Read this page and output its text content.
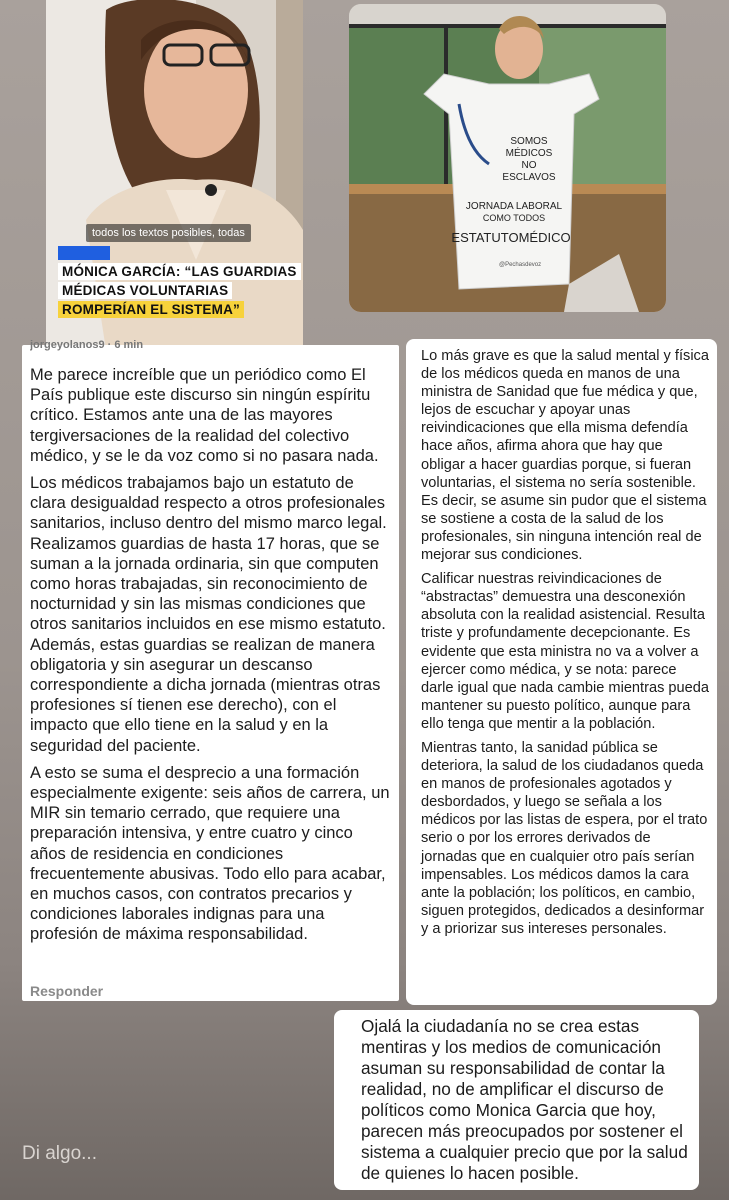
todos los textos posibles, todas
MÓNICA GARCÍA: “LAS GUARDIAS
MÉDICAS VOLUNTARIAS
ROMPERÍAN EL SISTEMA”
SOMOS
MÉDICOS
NO
ESCLAVOS
JORNADA LABORAL
COMO TODOS
ESTATUTOMÉDICO
@Pechasdevoz
jorgeyolanos9 · 6 min

Me parece increíble que un periódico como El País publique este discurso sin ningún espíritu crítico. Estamos ante una de las mayores tergiversaciones de la realidad del colectivo médico, y se le da voz como si no pasara nada.

Los médicos trabajamos bajo un estatuto de clara desigualdad respecto a otros profesionales sanitarios, incluso dentro del mismo marco legal. Realizamos guardias de hasta 17 horas, que se suman a la jornada ordinaria, sin que computen como horas trabajadas, sin reconocimiento de nocturnidad y sin las mismas condiciones que otros sanitarios incluidos en ese mismo estatuto. Además, estas guardias se realizan de manera obligatoria y sin asegurar un descanso correspondiente a dicha jornada (mientras otras profesiones sí tienen ese derecho), con el impacto que ello tiene en la salud y en la seguridad del paciente.

A esto se suma el desprecio a una formación especialmente exigente: seis años de carrera, un MIR sin temario cerrado, que requiere una preparación intensiva, y entre cuatro y cinco años de residencia en condiciones frecuentemente abusivas. Todo ello para acabar, en muchos casos, con contratos precarios y condiciones laborales indignas para una profesión de máxima responsabilidad.

Responder

Lo más grave es que la salud mental y física de los médicos queda en manos de una ministra de Sanidad que fue médica y que, lejos de escuchar y apoyar unas reivindicaciones que ella misma defendía hace años, afirma ahora que hay que obligar a hacer guardias porque, si fueran voluntarias, el sistema no sería sostenible. Es decir, se asume sin pudor que el sistema se sostiene a costa de la salud de los profesionales, sin ninguna intención real de mejorar sus condiciones.

Calificar nuestras reivindicaciones de “abstractas” demuestra una desconexión absoluta con la realidad asistencial. Resulta triste y profundamente decepcionante. Es evidente que esta ministra no va a volver a ejercer como médica, y se nota: parece darle igual que nada cambie mientras pueda mantener su puesto político, aunque para ello tenga que mentir a la población.

Mientras tanto, la sanidad pública se deteriora, la salud de los ciudadanos queda en manos de profesionales agotados y desbordados, y luego se señala a los médicos por las listas de espera, por el trato serio o por los errores derivados de jornadas que en cualquier otro país serían impensables. Los médicos damos la cara ante la población; los políticos, en cambio, siguen protegidos, dedicados a desinformar y a priorizar sus intereses personales.

Ojalá la ciudadanía no se crea estas mentiras y los medios de comunicación asuman su responsabilidad de contar la realidad, no de amplificar el discurso de políticos como Monica Garcia que hoy, parecen más preocupados por sostener el sistema a cualquier precio que por la salud de quienes lo hacen posible.

Di algo...
